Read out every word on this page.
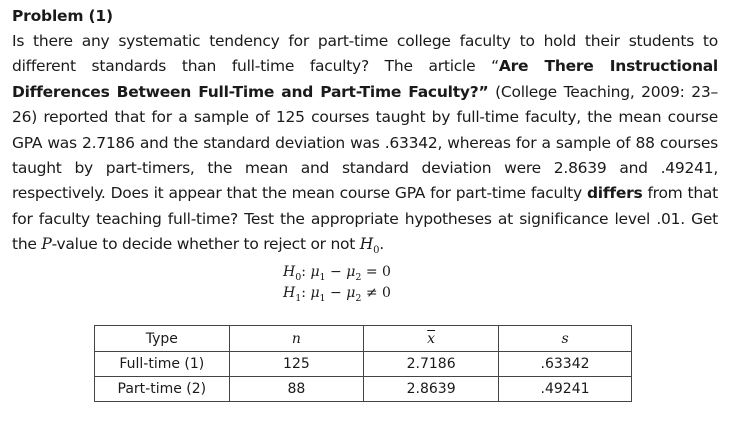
Problem (1)

Is there any systematic tendency for part-time college faculty to hold their students to different standards than full-time faculty? The article “Are There Instructional Differences Between Full-Time and Part-Time Faculty?” (College Teaching, 2009: 23–26) reported that for a sample of 125 courses taught by full-time faculty, the mean course GPA was 2.7186 and the standard deviation was .63342, whereas for a sample of 88 courses taught by part-timers, the mean and standard deviation were 2.8639 and .49241, respectively. Does it appear that the mean course GPA for part-time faculty differs from that for faculty teaching full-time? Test the appropriate hypotheses at significance level .01. Get the P-value to decide whether to reject or not $H_0$.

$H_0$: $\mu_1 - \mu_2 = 0$
$H_1$: $\mu_1 - \mu_2 \ne 0$
Type	n	$\overline{x}$	s
Full-time (1)	125	2.7186	.63342
Part-time (2)	88	2.8639	.49241
